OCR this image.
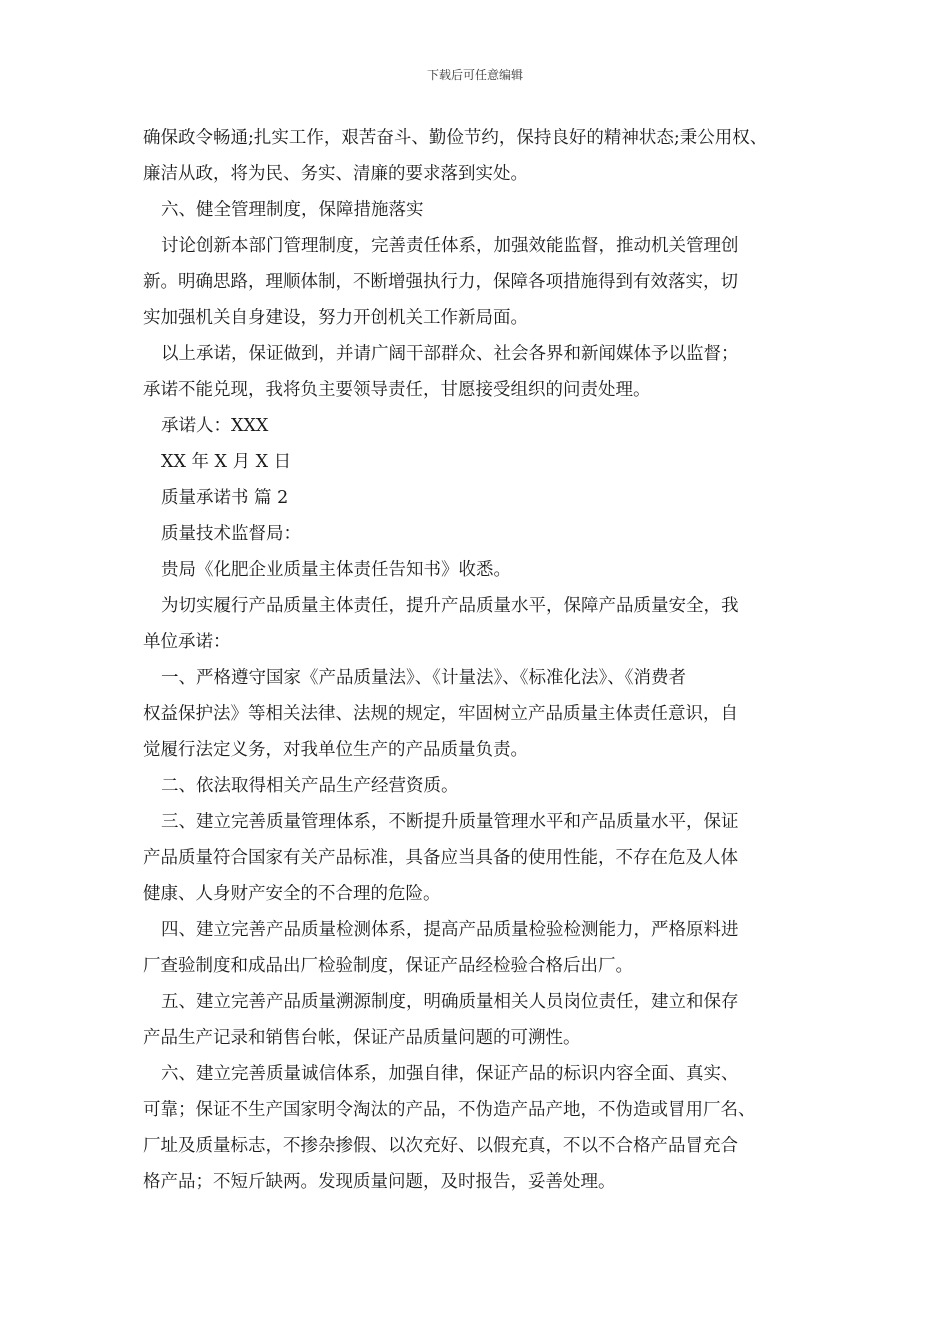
下载后可任意编辑

确保政令畅通;扎实工作，艰苦奋斗、勤俭节约，保持良好的精神状态;秉公用权、

廉洁从政，将为民、务实、清廉的要求落到实处。

六、健全管理制度，保障措施落实

讨论创新本部门管理制度，完善责任体系，加强效能监督，推动机关管理创

新。明确思路，理顺体制，不断增强执行力，保障各项措施得到有效落实，切

实加强机关自身建设，努力开创机关工作新局面。

以上承诺，保证做到，并请广阔干部群众、社会各界和新闻媒体予以监督；

承诺不能兑现，我将负主要领导责任，甘愿接受组织的问责处理。

承诺人：XXX

XX 年 X 月 X 日

质量承诺书 篇 2

质量技术监督局：

贵局《化肥企业质量主体责任告知书》收悉。

为切实履行产品质量主体责任，提升产品质量水平，保障产品质量安全，我

单位承诺：

一、严格遵守国家《产品质量法》、《计量法》、《标准化法》、《消费者

权益保护法》等相关法律、法规的规定，牢固树立产品质量主体责任意识，自

觉履行法定义务，对我单位生产的产品质量负责。

二、依法取得相关产品生产经营资质。

三、建立完善质量管理体系，不断提升质量管理水平和产品质量水平，保证

产品质量符合国家有关产品标准，具备应当具备的使用性能，不存在危及人体

健康、人身财产安全的不合理的危险。

四、建立完善产品质量检测体系，提高产品质量检验检测能力，严格原料进

厂查验制度和成品出厂检验制度，保证产品经检验合格后出厂。

五、建立完善产品质量溯源制度，明确质量相关人员岗位责任，建立和保存

产品生产记录和销售台帐，保证产品质量问题的可溯性。

六、建立完善质量诚信体系，加强自律，保证产品的标识内容全面、真实、

可靠；保证不生产国家明令淘汰的产品，不伪造产品产地，不伪造或冒用厂名、

厂址及质量标志，不掺杂掺假、以次充好、以假充真，不以不合格产品冒充合

格产品；不短斤缺两。发现质量问题，及时报告，妥善处理。
